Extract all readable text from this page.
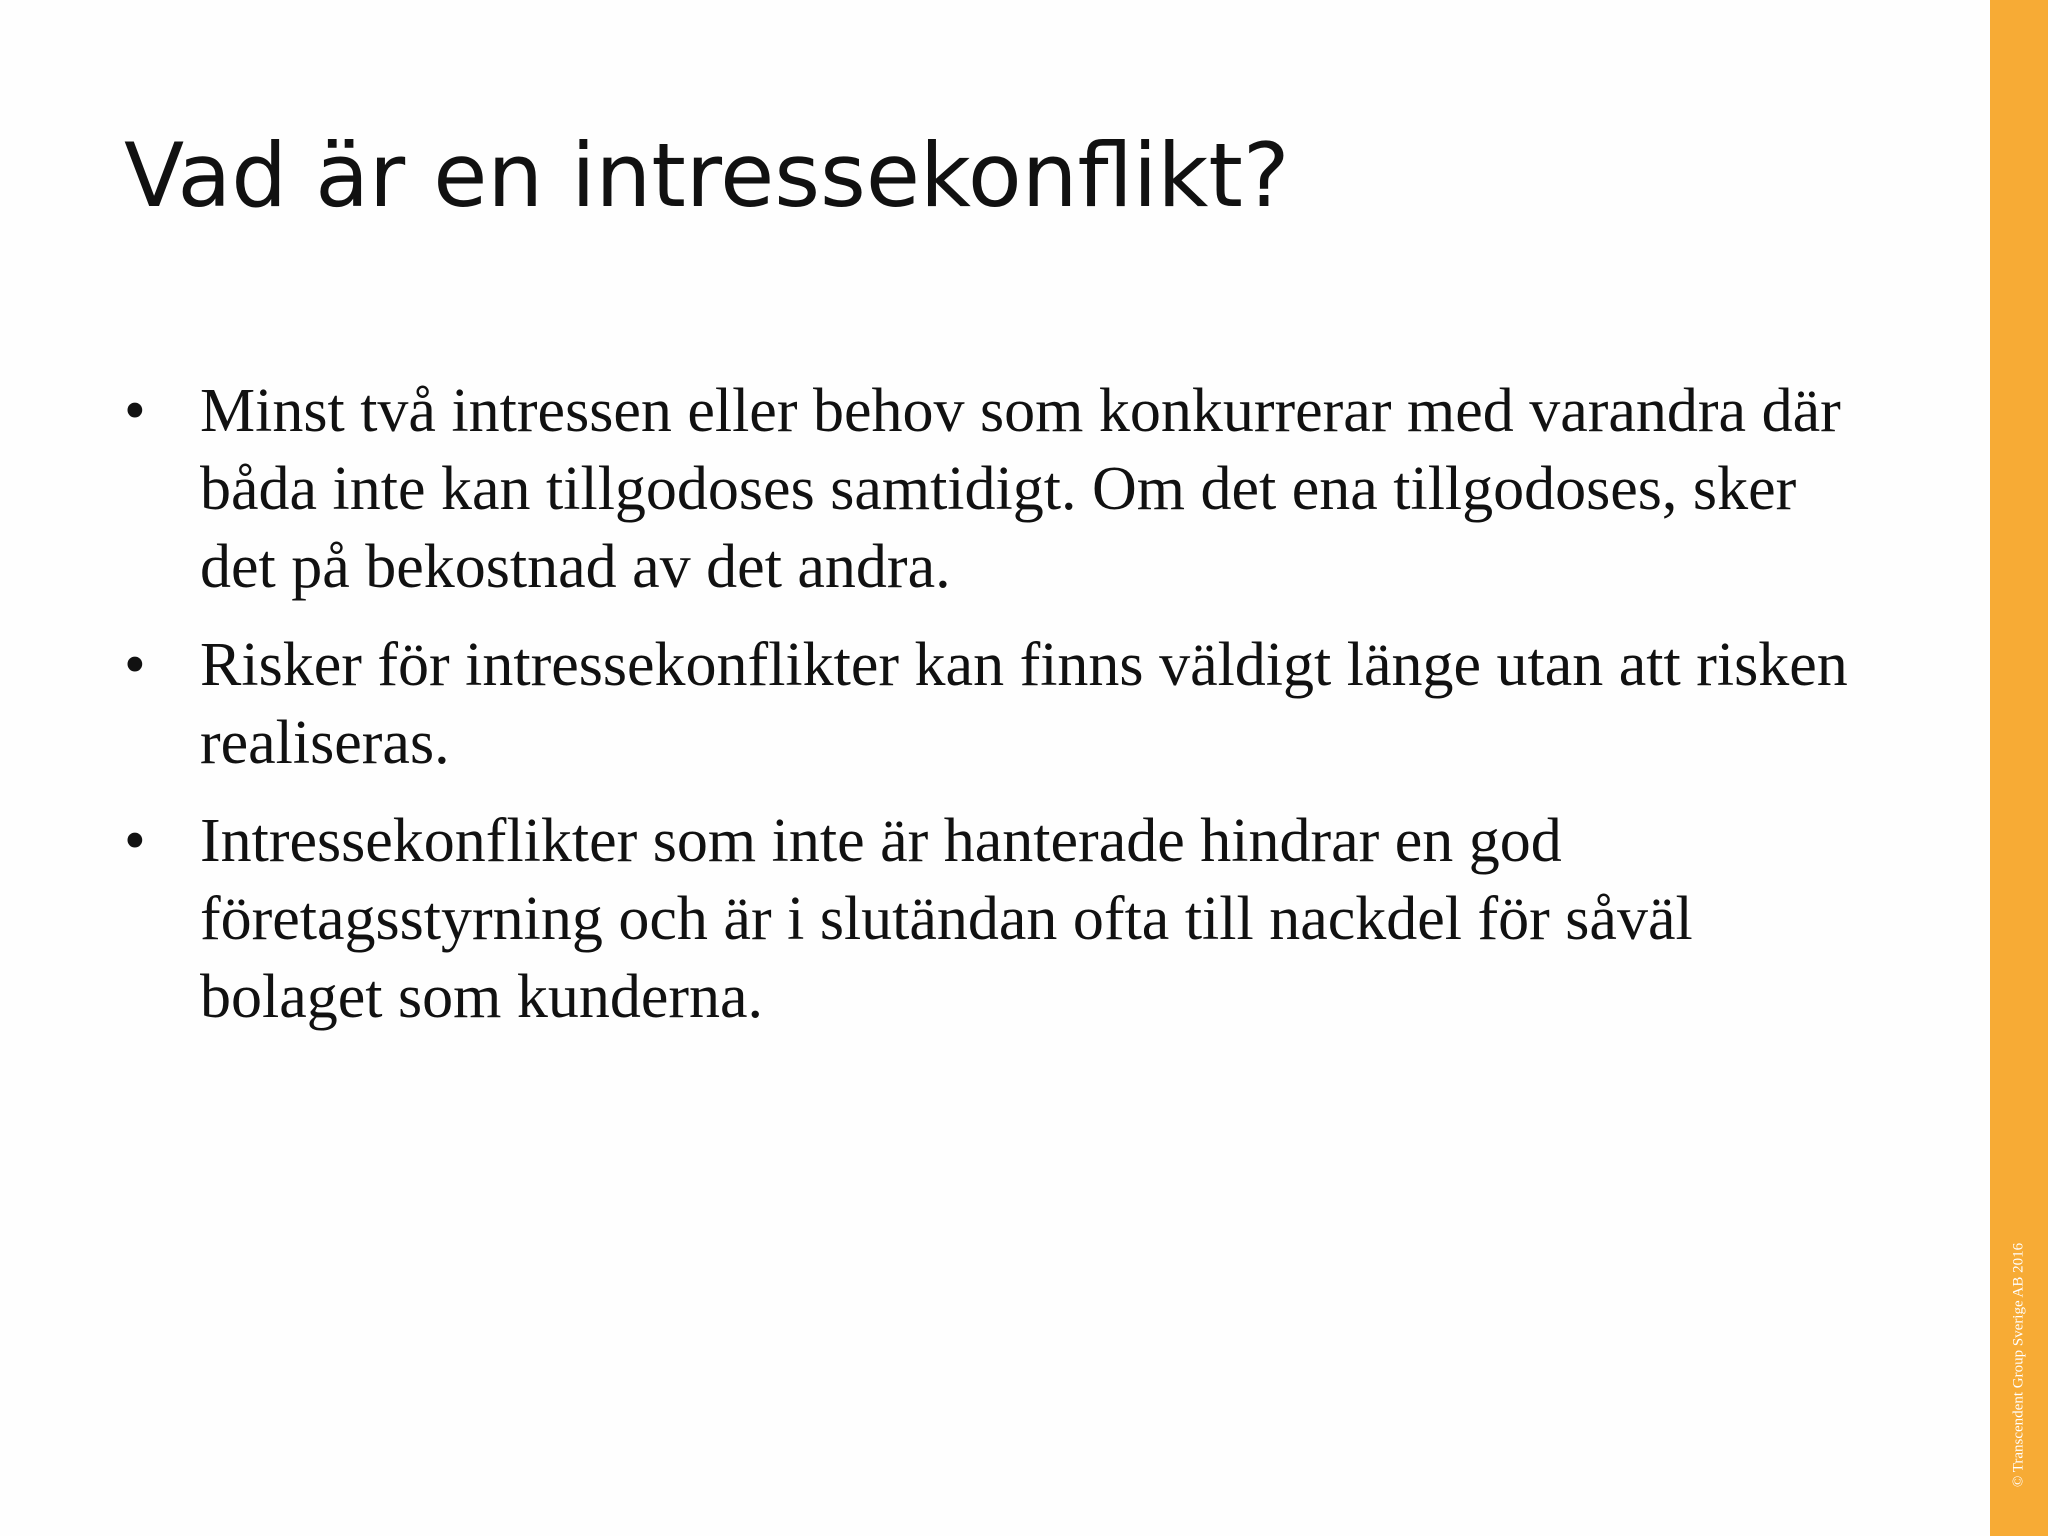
Vad är en intressekonflikt?
• Minst två intressen eller behov som konkurrerar med varandra där båda inte kan tillgodoses samtidigt. Om det ena tillgodoses, sker det på bekostnad av det andra.
• Risker för intressekonflikter kan finns väldigt länge utan att risken realiseras.
• Intressekonflikter som inte är hanterade hindrar en god företagsstyrning och är i slutändan ofta till nackdel för såväl bolaget som kunderna.
© Transcendent Group Sverige AB 2016
